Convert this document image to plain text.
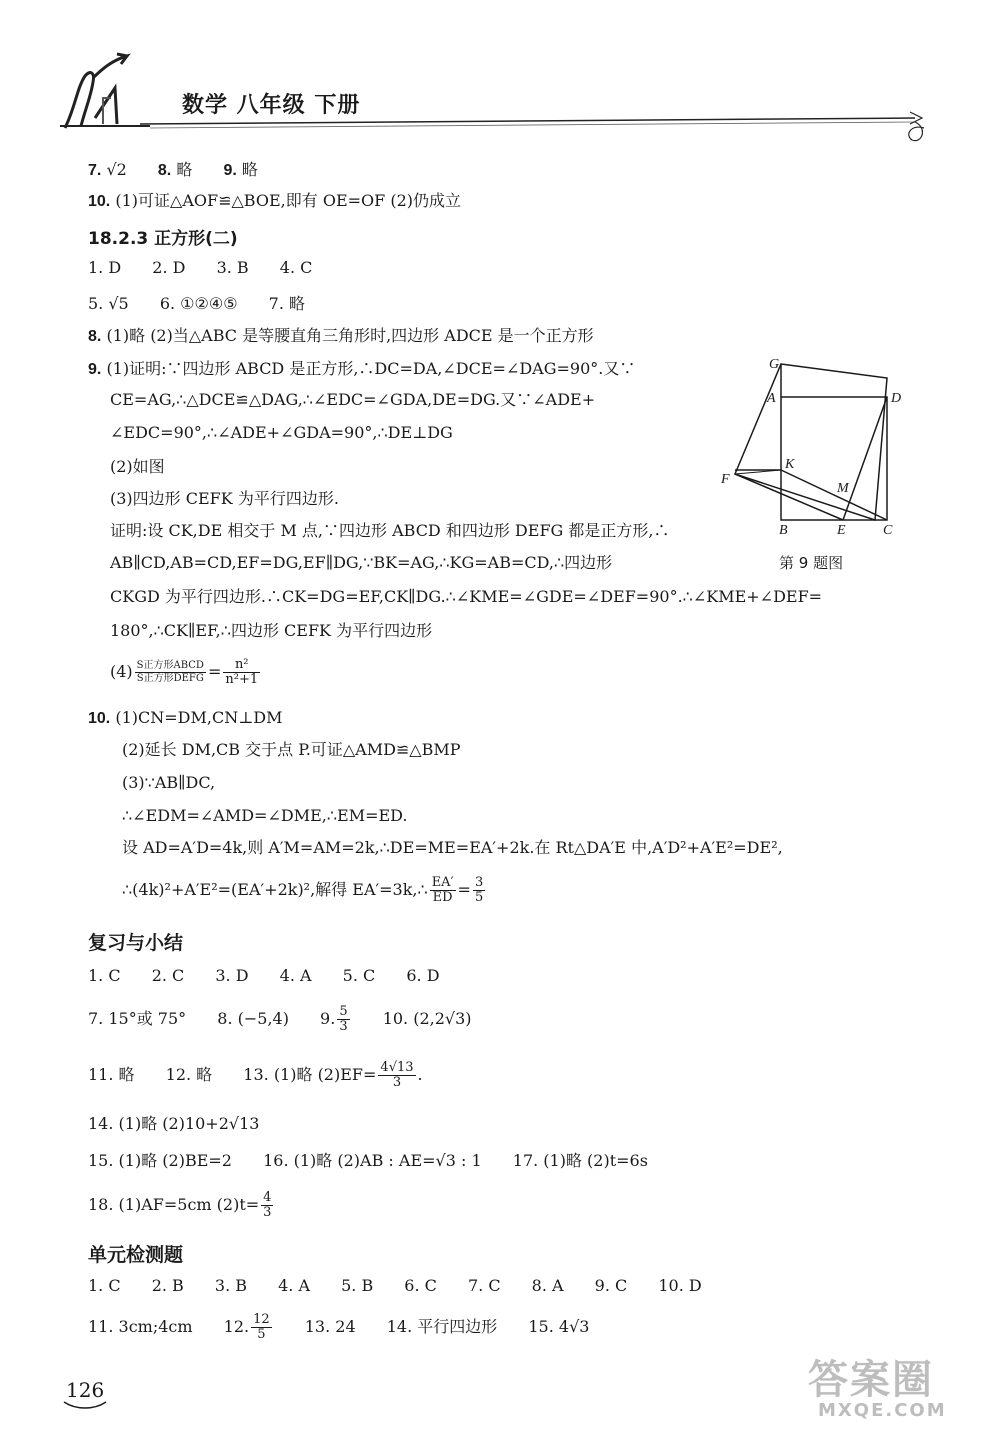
数学 八年级 下册
7. √2 8. 略 9. 略
10. (1)可证△AOF≌△BOE,即有 OE=OF (2)仍成立
18.2.3 正方形(二)
1. D 2. D 3. B 4. C
5. √5 6. ①②④⑤ 7. 略
8. (1)略 (2)当△ABC 是等腰直角三角形时,四边形 ADCE 是一个正方形
9. (1)证明:∵四边形 ABCD 是正方形,∴DC=DA,∠DCE=∠DAG=90°.又∵
CE=AG,∴△DCE≌△DAG,∴∠EDC=∠GDA,DE=DG.又∵∠ADE+
∠EDC=90°,∴∠ADE+∠GDA=90°,∴DE⊥DG
(2)如图
(3)四边形 CEFK 为平行四边形.
证明:设 CK,DE 相交于 M 点,∵四边形 ABCD 和四边形 DEFG 都是正方形,∴
AB∥CD,AB=CD,EF=DG,EF∥DG,∵BK=AG,∴KG=AB=CD,∴四边形
CKGD 为平行四边形.∴CK=DG=EF,CK∥DG.∴∠KME=∠GDE=∠DEF=90°.∴∠KME+∠DEF=
180°,∴CK∥EF,∴四边形 CEFK 为平行四边形
$(4) \frac{\text{S正方形ABCD}}{\text{S正方形DEFG}} = \frac{\text{n²}}{\text{n²+1}}$
10. (1)CN=DM,CN⊥DM
(2)延长 DM,CB 交于点 P.可证△AMD≌△BMP
(3)∵AB∥DC,
∴∠EDM=∠AMD=∠DME,∴EM=ED.
设 AD=A′D=4k,则 A′M=AM=2k,∴DE=ME=EA′+2k.在 Rt△DA′E 中,A′D²+A′E²=DE²,
∴(4k)²+A′E²=(EA′+2k)²,解得 EA′=3k,∴ $\frac{EA'}{ED} = \frac{3}{5}$
G
A	D
K
F
M
B	E	C
第 9 题图
复习与小结
1. C 2. C 3. D 4. A 5. C 6. D
7. 15°或 75° 8. (−5,4) 9. $\frac{5}{3} 10$. (2,2√3)
11. 略 12. 略 13. (1)略 $(2)EF= \frac{4√13}{3}$ .
14. (1)略 (2)10+2√13
15. (1)略 (2)BE=2 16. (1)略 (2)AB : AE=√3 : 1 17. (1)略 (2)t=6s
18. (1)AF=5cm $(2)t= \frac{4}{3}$
单元检测题
1. C 2. B 3. B 4. A 5. B 6. C 7. C 8. A 9. C 10. D
11. 3cm;4cm 12. $\frac{12}{5} 13$. 24 14. 平行四边形 15. 4√3
126	答案圈
MXQE.COM
